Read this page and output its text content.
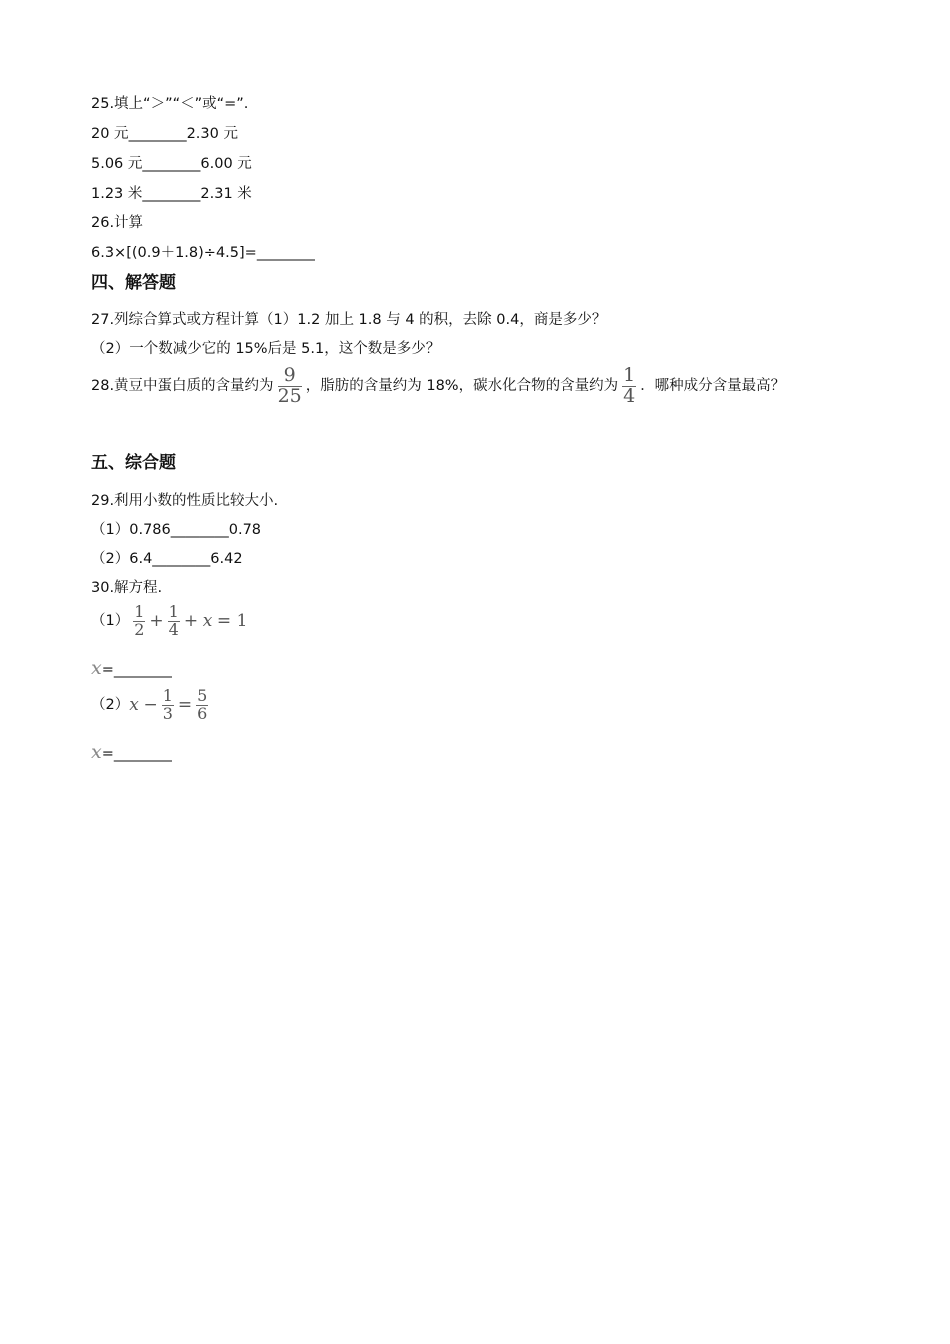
25.填上“＞”“＜”或“=”.
20 元________2.30 元
5.06 元________6.00 元
1.23 米________2.31 米
26.计算
6.3×[(0.9＋1.8)÷4.5]=________
四、解答题
27.列综合算式或方程计算（1）1.2 加上 1.8 与 4 的积，去除 0.4，商是多少？
（2）一个数减少它的 15%后是 5.1，这个数是多少？
28.黄豆中蛋白质的含量约为 $\frac{9}{25}$ ，脂肪的含量约为 18%，碳水化合物的含量约为 $\frac{1}{4}$ ．哪种成分含量最高？
五、综合题
29.利用小数的性质比较大小.
（1）0.786________0.78
（2）6.4________6.42
30.解方程.
$(1) \frac{1}{2} + \frac{1}{4} + x = 1$
x=________
$(2)x - \frac{1}{3} = \frac{5}{6}$
x=________
